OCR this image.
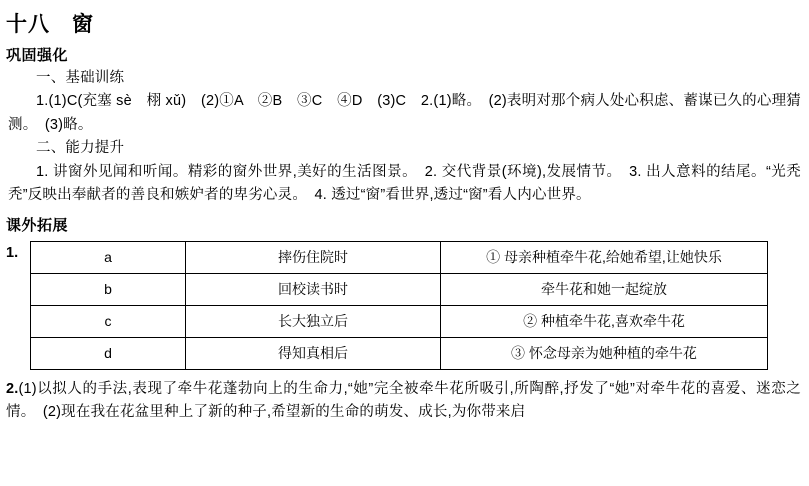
十八 窗
巩固强化
一、基础训练
1.(1)C(充塞 sè　栩 xǔ)　(2)①A　②B　③C　④D　(3)C　2.(1)略。　(2)表明对那个病人处心积虑、蓄谋已久的心理猜测。　(3)略。
二、能力提升
1. 讲窗外见闻和听闻。精彩的窗外世界,美好的生活图景。　2. 交代背景(环境),发展情节。　3. 出人意料的结尾。“光秃秃”反映出奉献者的善良和嫉妒者的卑劣心灵。　4. 透过“窗”看世界,透过“窗”看人内心世界。
课外拓展
1.	a	摔伤住院时	① 母亲种植牵牛花,给她希望,让她快乐
b	回校读书时	牵牛花和她一起绽放
c	长大独立后	② 种植牵牛花,喜欢牵牛花
d	得知真相后	③ 怀念母亲为她种植的牵牛花
2.(1)以拟人的手法,表现了牵牛花蓬勃向上的生命力,“她”完全被牵牛花所吸引,所陶醉,抒发了“她”对牵牛花的喜爱、迷恋之情。　(2)现在我在花盆里种上了新的种子,希望新的生命的萌发、成长,为你带来启
